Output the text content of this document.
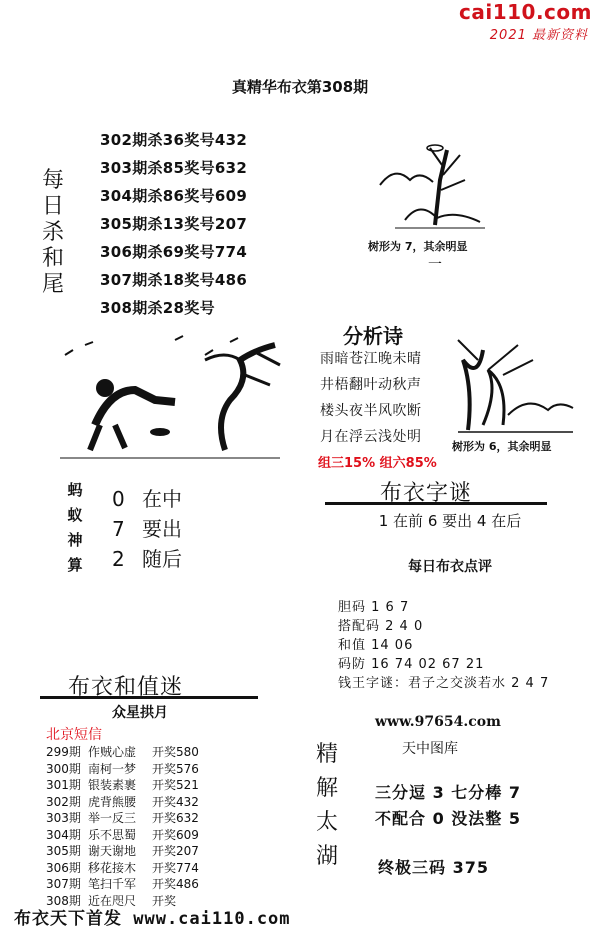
cai110.com
2021 最新资料
真精华布衣第308期
每
日
杀
和
尾
302期杀36奖号432
303期杀85奖号632
304期杀86奖号609
305期杀13奖号207
306期杀69奖号774
307期杀18奖号486
308期杀28奖号
树形为 7，其余明显
一
分析诗
雨暗苍江晚未晴
井梧翻叶动秋声
楼头夜半风吹断
月在浮云浅处明
组三15% 组六85%
树形为 6，其余明显
蚂
蚁
神
算
0 在中
7 要出
2 随后
布衣字谜
1 在前 6 要出 4 在后
每日布衣点评
胆码 1 6 7
搭配码 2 4 0
和值 14 06
码防 16 74 02 67 21
钱王字谜：君子之交淡若水 2 4 7
布衣和值迷
众星拱月
北京短信
299期 作贼心虚 开奖580
300期 南柯一梦 开奖576
301期 银装素裹 开奖521
302期 虎背熊腰 开奖432
303期 举一反三 开奖632
304期 乐不思蜀 开奖609
305期 谢天谢地 开奖207
306期 移花接木 开奖774
307期 笔扫千军 开奖486
308期 近在咫尺 开奖
精
解
太
湖
www.97654.com
天中图库
三分逗 3 七分棒 7
不配合 0 没法整 5
终极三码 375
布衣天下首发 www.cai110.com
